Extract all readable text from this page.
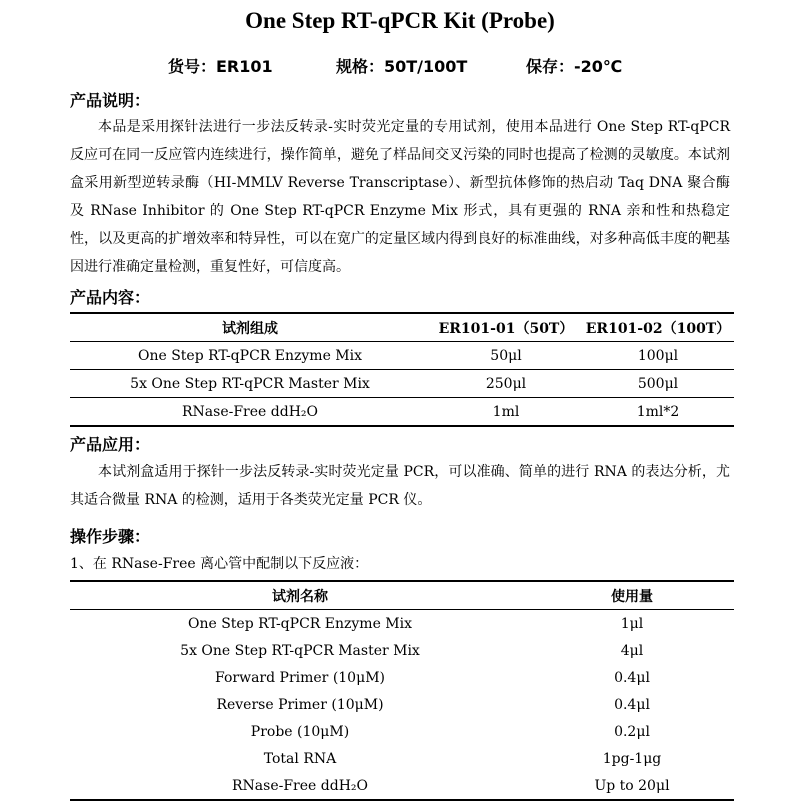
One Step RT-qPCR Kit (Probe)
货号：ER101	规格：50T/100T	保存：-20℃
产品说明：

本品是采用探针法进行一步法反转录-实时荧光定量的专用试剂，使用本品进行 One Step RT-qPCR 反应可在同一反应管内连续进行，操作简单，避免了样品间交叉污染的同时也提高了检测的灵敏度。本试剂盒采用新型逆转录酶（HI-MMLV Reverse Transcriptase）、新型抗体修饰的热启动 Taq DNA 聚合酶及 RNase Inhibitor 的 One Step RT-qPCR Enzyme Mix 形式，具有更强的 RNA 亲和性和热稳定性，以及更高的扩增效率和特异性，可以在宽广的定量区域内得到良好的标准曲线，对多种高低丰度的靶基因进行准确定量检测，重复性好，可信度高。

产品内容：
试剂组成	ER101-01（50T）	ER101-02（100T）
One Step RT-qPCR Enzyme Mix	50μl	100μl
5x One Step RT-qPCR Master Mix	250μl	500μl
RNase-Free ddH₂O	1ml	1ml*2
产品应用：

本试剂盒适用于探针一步法反转录-实时荧光定量 PCR，可以准确、简单的进行 RNA 的表达分析，尤其适合微量 RNA 的检测，适用于各类荧光定量 PCR 仪。

操作步骤：
1、在 RNase-Free 离心管中配制以下反应液：
试剂名称	使用量
One Step RT-qPCR Enzyme Mix	1μl
5x One Step RT-qPCR Master Mix	4μl
Forward Primer (10μM)	0.4μl
Reverse Primer (10μM)	0.4μl
Probe (10μM)	0.2μl
Total RNA	1pg-1μg
RNase-Free ddH₂O	Up to 20μl
